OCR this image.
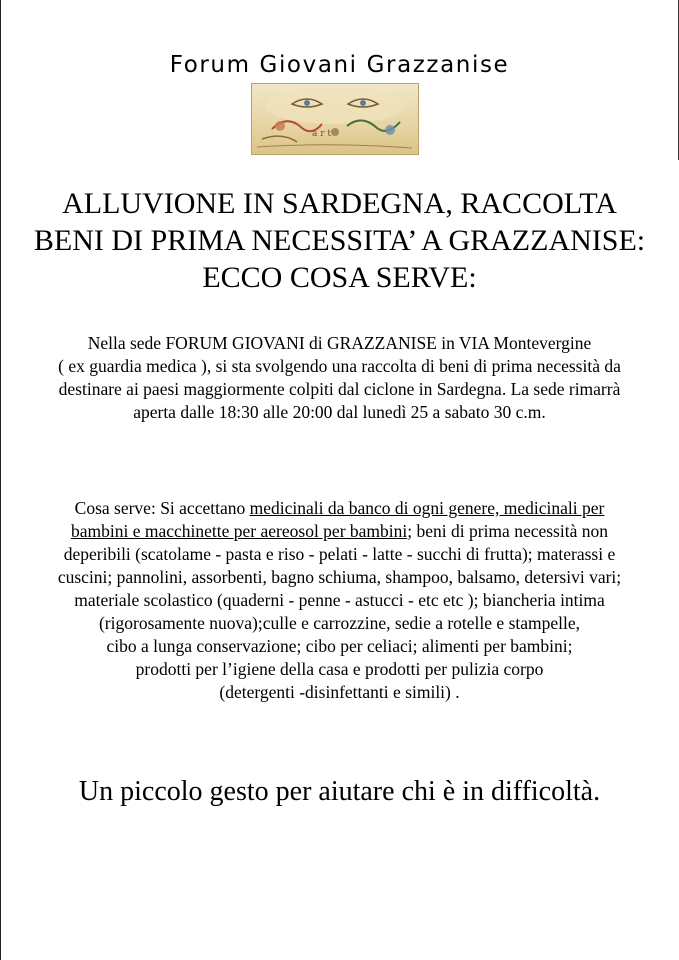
Forum Giovani Grazzanise
a r t
ALLUVIONE IN SARDEGNA, RACCOLTA
BENI DI PRIMA NECESSITA’ A GRAZZANISE:
ECCO COSA SERVE:
Nella sede FORUM GIOVANI di GRAZZANISE in VIA Montevergine
( ex guardia medica ), si sta svolgendo una raccolta di beni di prima necessità da
destinare ai paesi maggiormente colpiti dal ciclone in Sardegna. La sede rimarrà
aperta dalle 18:30 alle 20:00 dal lunedì 25 a sabato 30 c.m.
Cosa serve: Si accettano medicinali da banco di ogni genere, medicinali per
bambini e macchinette per aereosol per bambini; beni di prima necessità non
deperibili (scatolame - pasta e riso - pelati - latte - succhi di frutta); materassi e
cuscini; pannolini, assorbenti, bagno schiuma, shampoo, balsamo, detersivi vari;
materiale scolastico (quaderni - penne - astucci - etc etc ); biancheria intima
(rigorosamente nuova);culle e carrozzine, sedie a rotelle e stampelle,
cibo a lunga conservazione; cibo per celiaci; alimenti per bambini;
prodotti per l’igiene della casa e prodotti per pulizia corpo
(detergenti -disinfettanti e simili) .
Un piccolo gesto per aiutare chi è in difficoltà.
